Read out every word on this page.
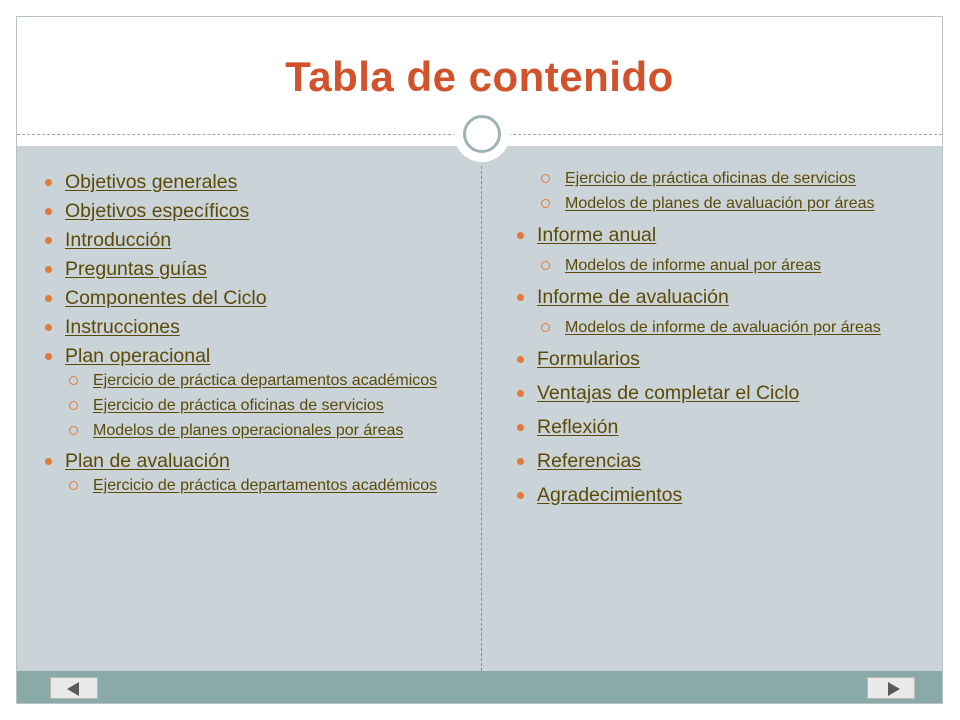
Tabla de contenido
Objetivos generales
Objetivos específicos
Introducción
Preguntas guías
Componentes del Ciclo
Instrucciones
Plan operacional
Ejercicio de práctica departamentos académicos
Ejercicio de práctica oficinas de servicios
Modelos de planes operacionales por áreas
Plan de avaluación
Ejercicio de práctica departamentos académicos
Ejercicio de práctica oficinas de servicios
Modelos de planes de avaluación por áreas
Informe anual
Modelos de informe anual por áreas
Informe de avaluación
Modelos de informe de avaluación por áreas
Formularios
Ventajas de completar el Ciclo
Reflexión
Referencias
Agradecimientos
